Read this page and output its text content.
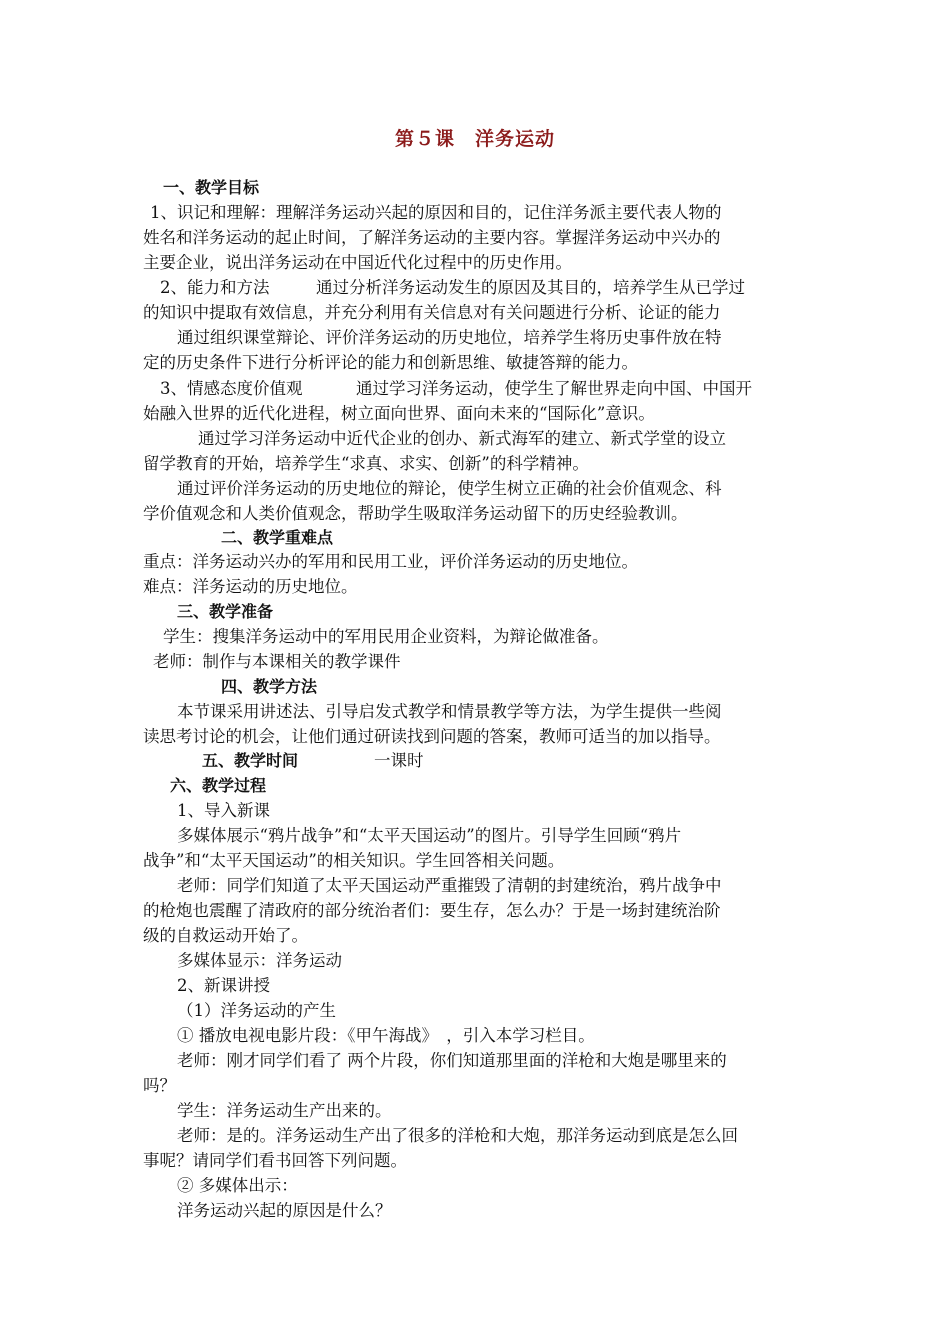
第５课　洋务运动
一、教学目标
1、识记和理解：理解洋务运动兴起的原因和目的，记住洋务派主要代表人物的
姓名和洋务运动的起止时间，了解洋务运动的主要内容。掌握洋务运动中兴办的
主要企业，说出洋务运动在中国近代化过程中的历史作用。
2、能力和方法	通过分析洋务运动发生的原因及其目的，培养学生从已学过
的知识中提取有效信息，并充分利用有关信息对有关问题进行分析、论证的能力
通过组织课堂辩论、评价洋务运动的历史地位，培养学生将历史事件放在特
定的历史条件下进行分析评论的能力和创新思维、敏捷答辩的能力。
3、情感态度价值观	通过学习洋务运动，使学生了解世界走向中国、中国开
始融入世界的近代化进程，树立面向世界、面向未来的“国际化”意识。
通过学习洋务运动中近代企业的创办、新式海军的建立、新式学堂的设立
留学教育的开始，培养学生“求真、求实、创新”的科学精神。
通过评价洋务运动的历史地位的辩论，使学生树立正确的社会价值观念、科
学价值观念和人类价值观念，帮助学生吸取洋务运动留下的历史经验教训。
二、教学重难点
重点：洋务运动兴办的军用和民用工业，评价洋务运动的历史地位。
难点：洋务运动的历史地位。
三、教学准备
学生：搜集洋务运动中的军用民用企业资料，为辩论做准备。
老师：制作与本课相关的教学课件
四、教学方法
本节课采用讲述法、引导启发式教学和情景教学等方法，为学生提供一些阅
读思考讨论的机会，让他们通过研读找到问题的答案，教师可适当的加以指导。
五、教学时间	一课时
六、教学过程
1、导入新课
多媒体展示“鸦片战争”和“太平天国运动”的图片。引导学生回顾“鸦片
战争”和“太平天国运动”的相关知识。学生回答相关问题。
老师：同学们知道了太平天国运动严重摧毁了清朝的封建统治，鸦片战争中
的枪炮也震醒了清政府的部分统治者们：要生存，怎么办？于是一场封建统治阶
级的自救运动开始了。
多媒体显示：洋务运动
2、新课讲授
（1）洋务运动的产生
① 播放电视电影片段：《甲午海战》　，引入本学习栏目。
老师：刚才同学们看了 两个片段，你们知道那里面的洋枪和大炮是哪里来的
吗？
学生：洋务运动生产出来的。
老师：是的。洋务运动生产出了很多的洋枪和大炮，那洋务运动到底是怎么回
事呢？请同学们看书回答下列问题。
② 多媒体出示：
洋务运动兴起的原因是什么？
